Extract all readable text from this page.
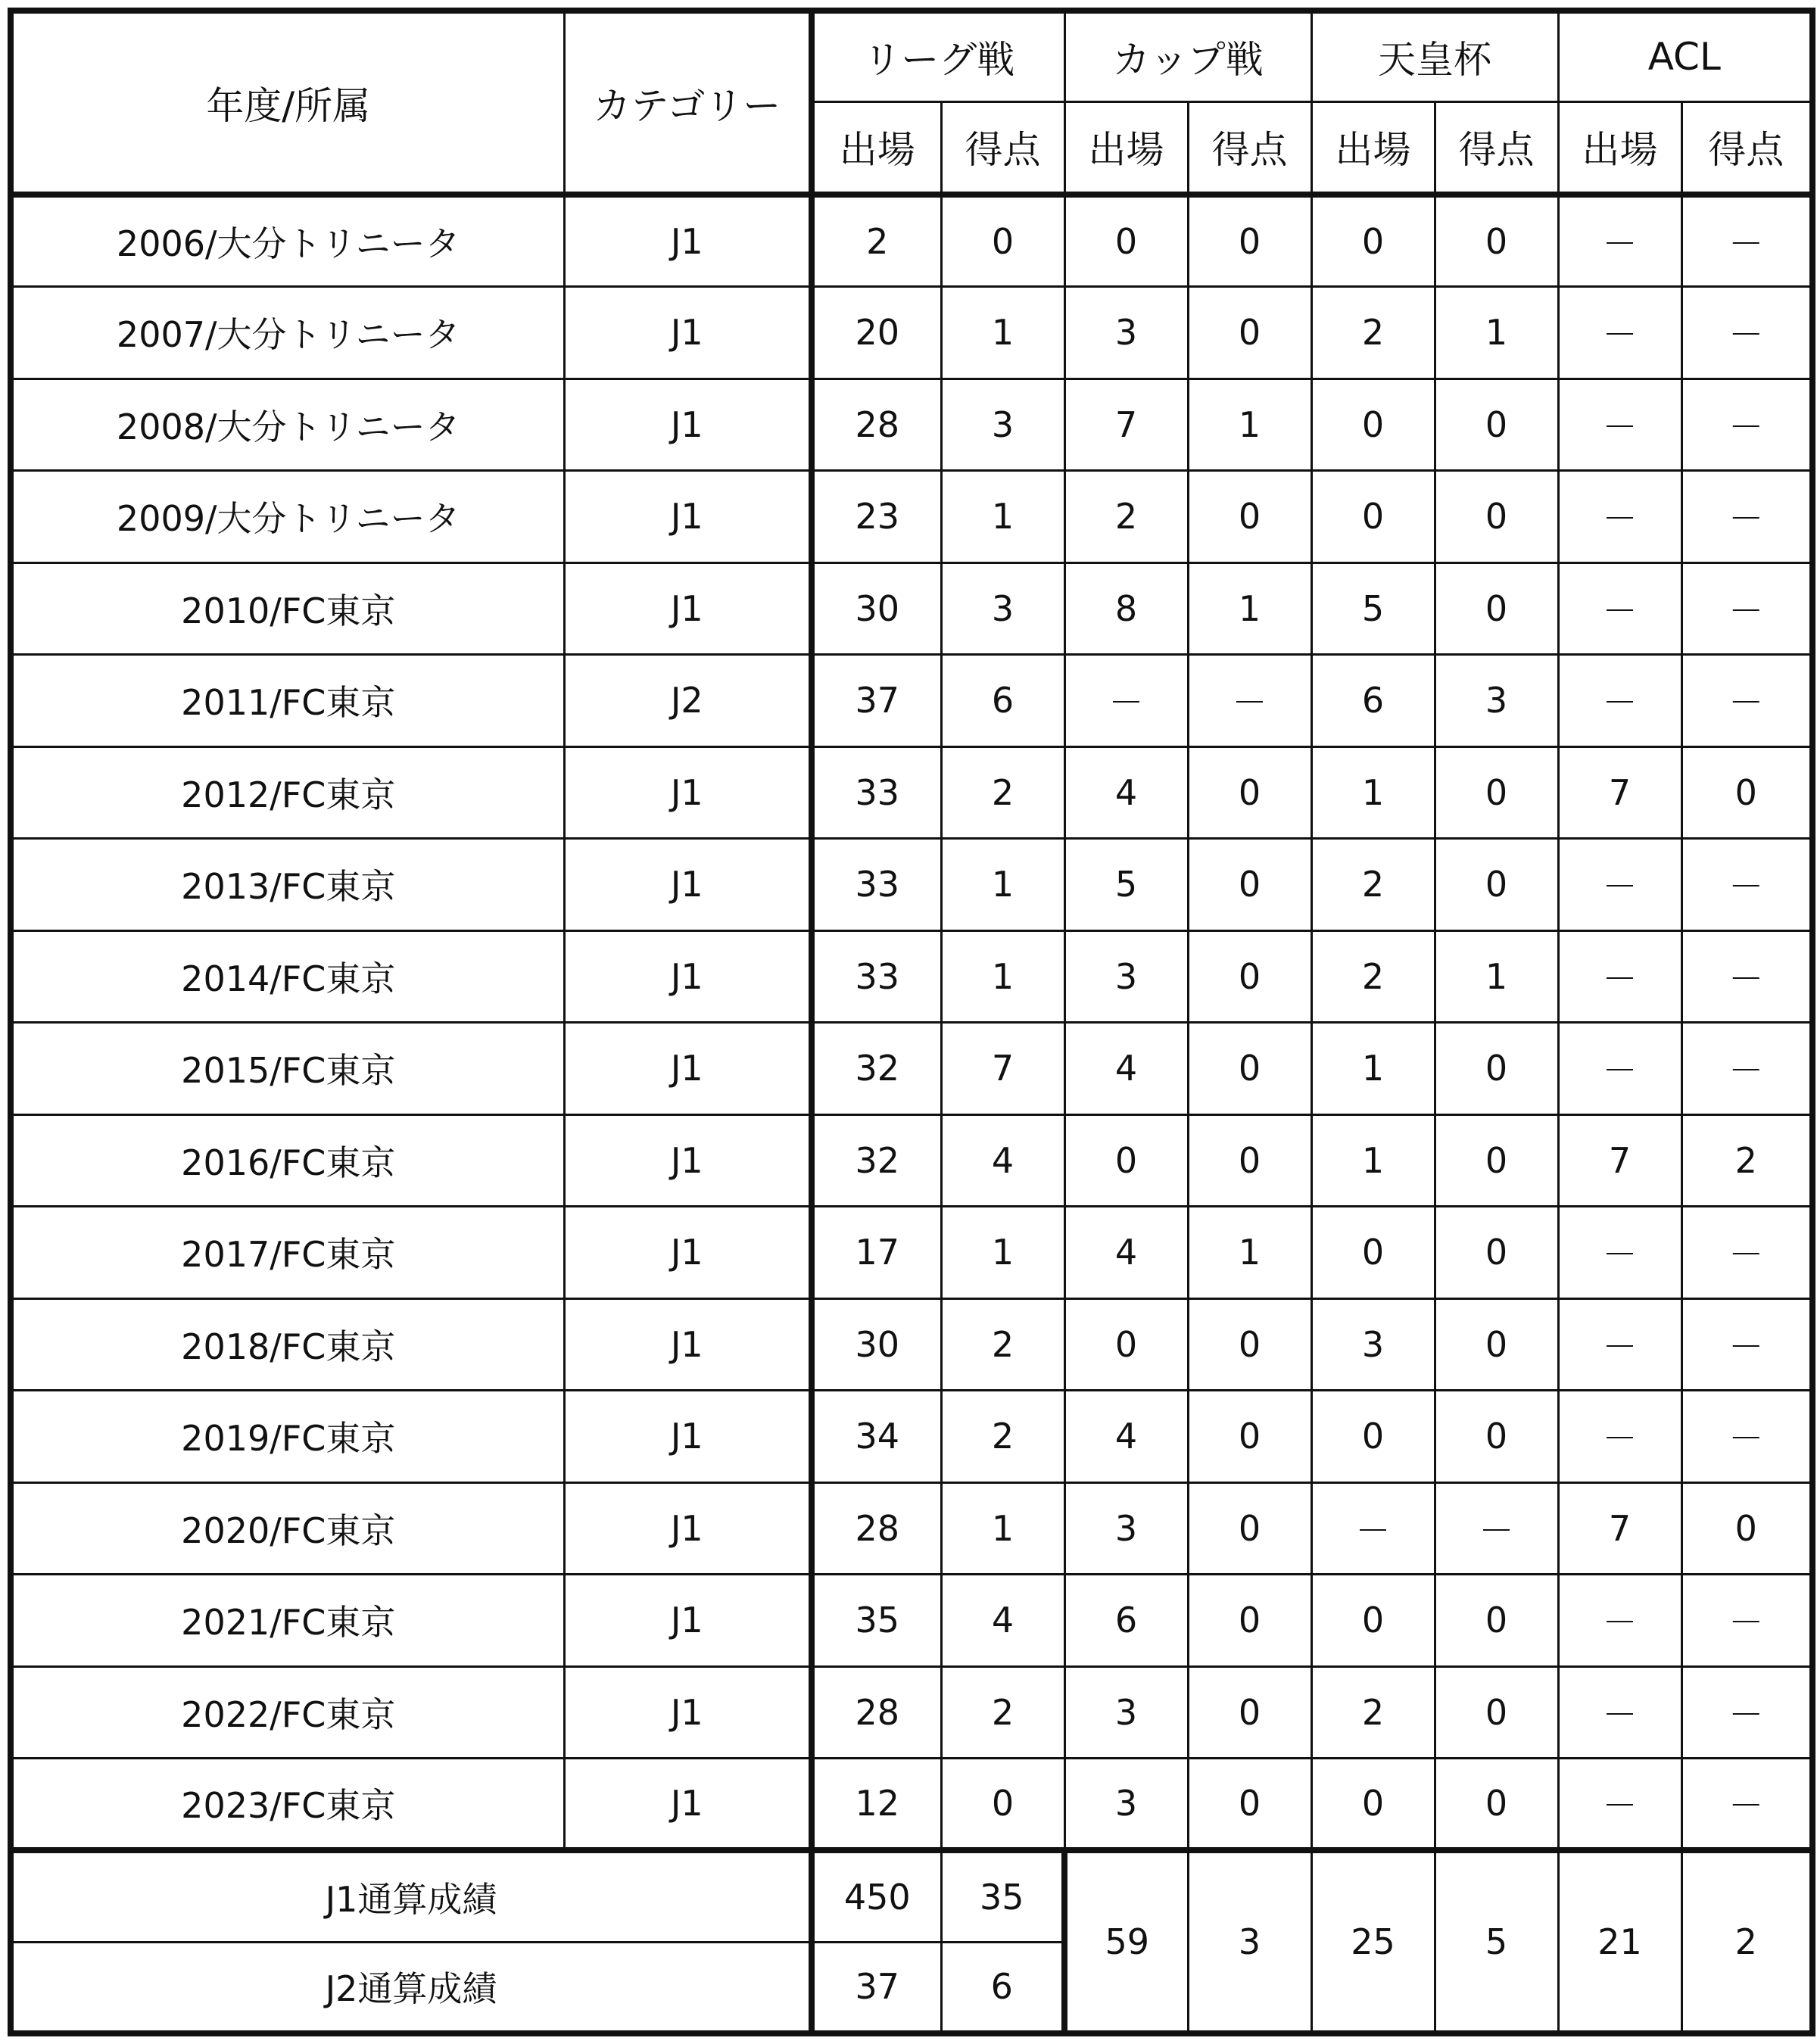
年度/所属	カテゴリー	リーグ戦		カップ戦		天皇杯		ACL	
		出場	得点	出場	得点	出場	得点	出場	得点
2006/大分トリニータ	J1	2	0	0	0	0	0	－	－
2007/大分トリニータ	J1	20	1	3	0	2	1	－	－
2008/大分トリニータ	J1	28	3	7	1	0	0	－	－
2009/大分トリニータ	J1	23	1	2	0	0	0	－	－
2010/FC東京	J1	30	3	8	1	5	0	－	－
2011/FC東京	J2	37	6	－	－	6	3	－	－
2012/FC東京	J1	33	2	4	0	1	0	7	0
2013/FC東京	J1	33	1	5	0	2	0	－	－
2014/FC東京	J1	33	1	3	0	2	1	－	－
2015/FC東京	J1	32	7	4	0	1	0	－	－
2016/FC東京	J1	32	4	0	0	1	0	7	2
2017/FC東京	J1	17	1	4	1	0	0	－	－
2018/FC東京	J1	30	2	0	0	3	0	－	－
2019/FC東京	J1	34	2	4	0	0	0	－	－
2020/FC東京	J1	28	1	3	0	－	－	7	0
2021/FC東京	J1	35	4	6	0	0	0	－	－
2022/FC東京	J1	28	2	3	0	2	0	－	－
2023/FC東京	J1	12	0	3	0	0	0	－	－
J1通算成績		450	35	59	3	25	5	21	2
J2通算成績		37	6						
